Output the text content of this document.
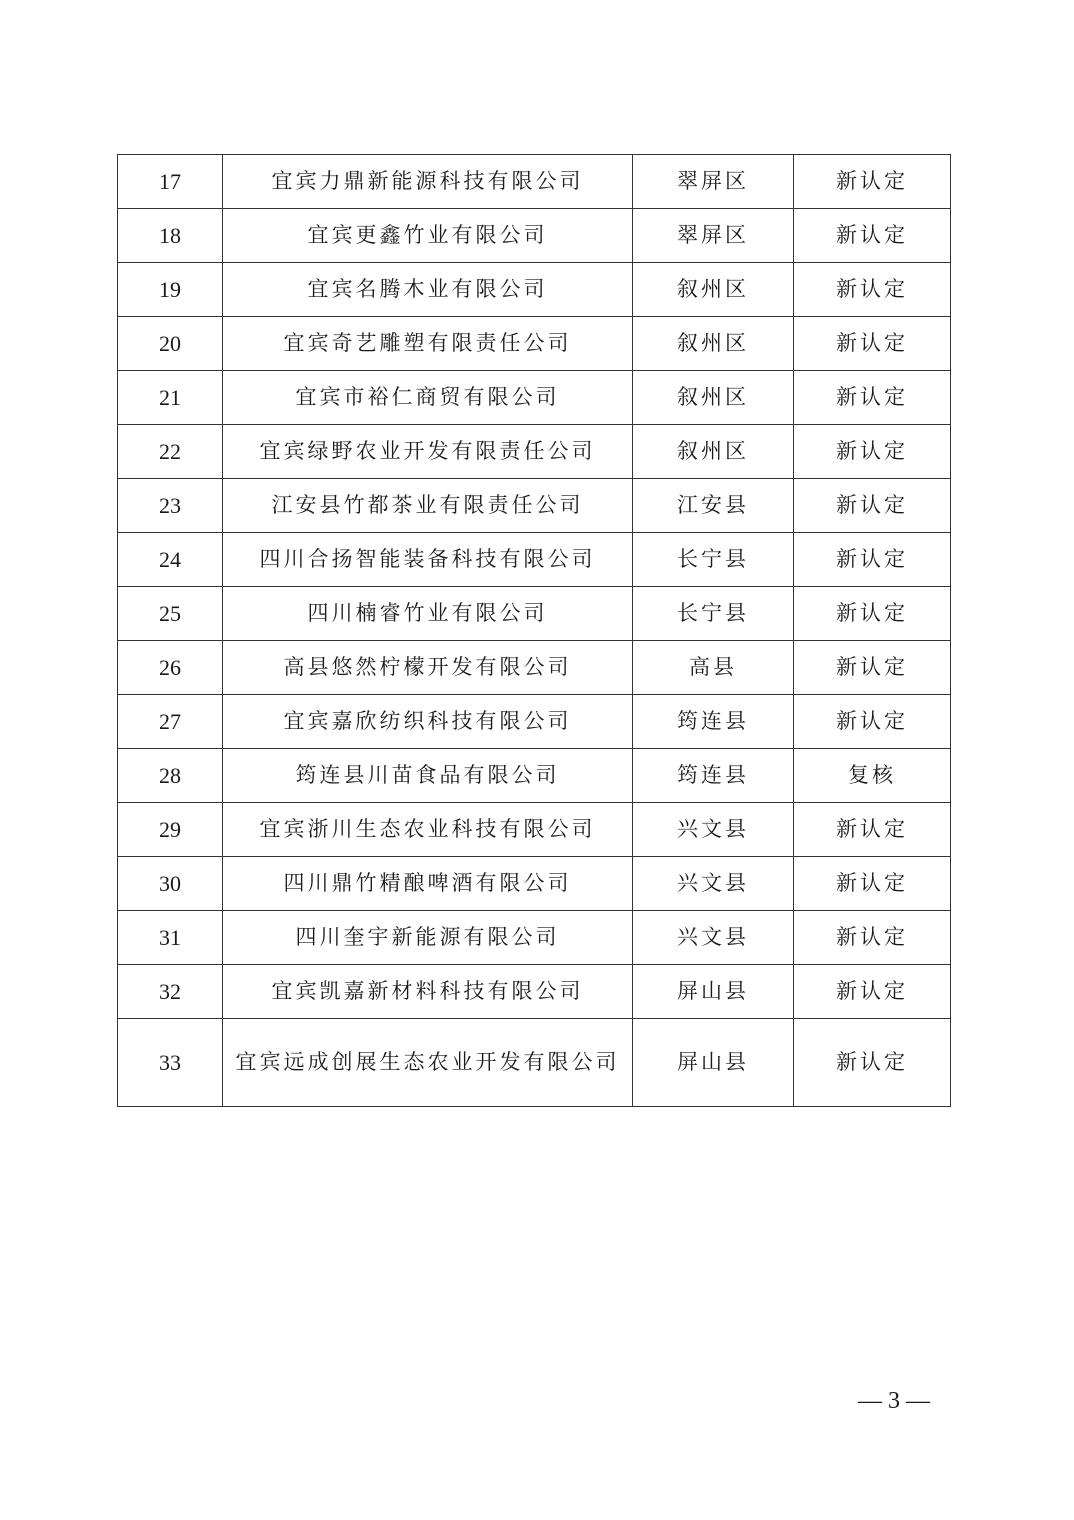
17	宜宾力鼎新能源科技有限公司	翠屏区	新认定
18	宜宾更鑫竹业有限公司	翠屏区	新认定
19	宜宾名腾木业有限公司	叙州区	新认定
20	宜宾奇艺雕塑有限责任公司	叙州区	新认定
21	宜宾市裕仁商贸有限公司	叙州区	新认定
22	宜宾绿野农业开发有限责任公司	叙州区	新认定
23	江安县竹都茶业有限责任公司	江安县	新认定
24	四川合扬智能装备科技有限公司	长宁县	新认定
25	四川楠睿竹业有限公司	长宁县	新认定
26	高县悠然柠檬开发有限公司	高县	新认定
27	宜宾嘉欣纺织科技有限公司	筠连县	新认定
28	筠连县川苗食品有限公司	筠连县	复核
29	宜宾浙川生态农业科技有限公司	兴文县	新认定
30	四川鼎竹精酿啤酒有限公司	兴文县	新认定
31	四川奎宇新能源有限公司	兴文县	新认定
32	宜宾凯嘉新材料科技有限公司	屏山县	新认定
33	宜宾远成创展生态农业开发有限公司	屏山县	新认定
— 3 —
